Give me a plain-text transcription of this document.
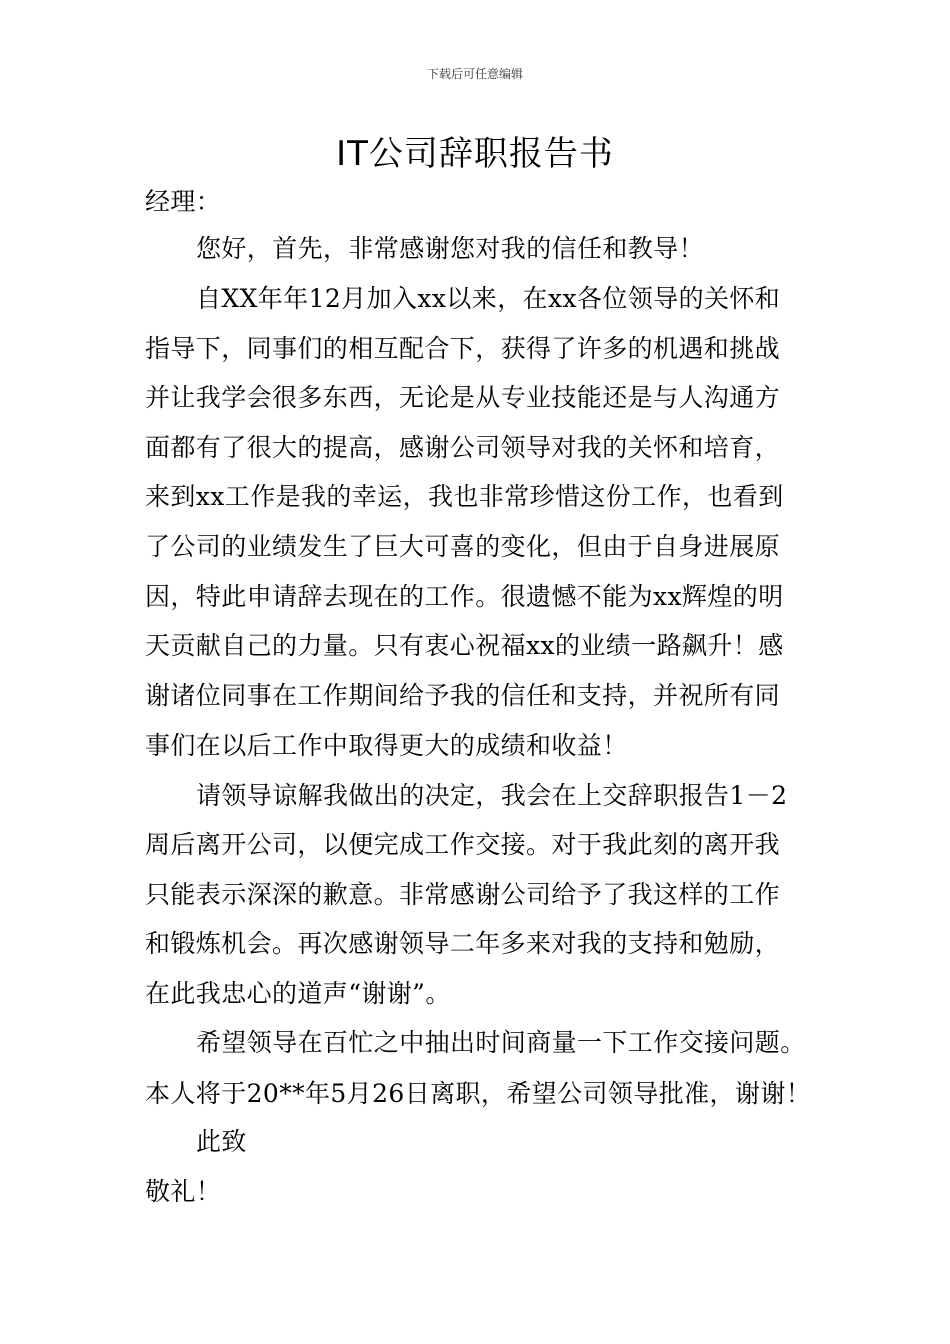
下载后可任意编辑
IT公司辞职报告书
经理：
您好，首先，非常感谢您对我的信任和教导！
自XX年年12月加入xx以来，在xx各位领导的关怀和
指导下，同事们的相互配合下，获得了许多的机遇和挑战
并让我学会很多东西，无论是从专业技能还是与人沟通方
面都有了很大的提高，感谢公司领导对我的关怀和培育，
来到xx工作是我的幸运，我也非常珍惜这份工作，也看到
了公司的业绩发生了巨大可喜的变化，但由于自身进展原
因，特此申请辞去现在的工作。很遗憾不能为xx辉煌的明
天贡献自己的力量。只有衷心祝福xx的业绩一路飙升！感
谢诸位同事在工作期间给予我的信任和支持，并祝所有同
事们在以后工作中取得更大的成绩和收益！
请领导谅解我做出的决定，我会在上交辞职报告1－2
周后离开公司，以便完成工作交接。对于我此刻的离开我
只能表示深深的歉意。非常感谢公司给予了我这样的工作
和锻炼机会。再次感谢领导二年多来对我的支持和勉励，
在此我忠心的道声“谢谢”。
希望领导在百忙之中抽出时间商量一下工作交接问题。
本人将于20**年5月26日离职，希望公司领导批准，谢谢！
此致
敬礼！
